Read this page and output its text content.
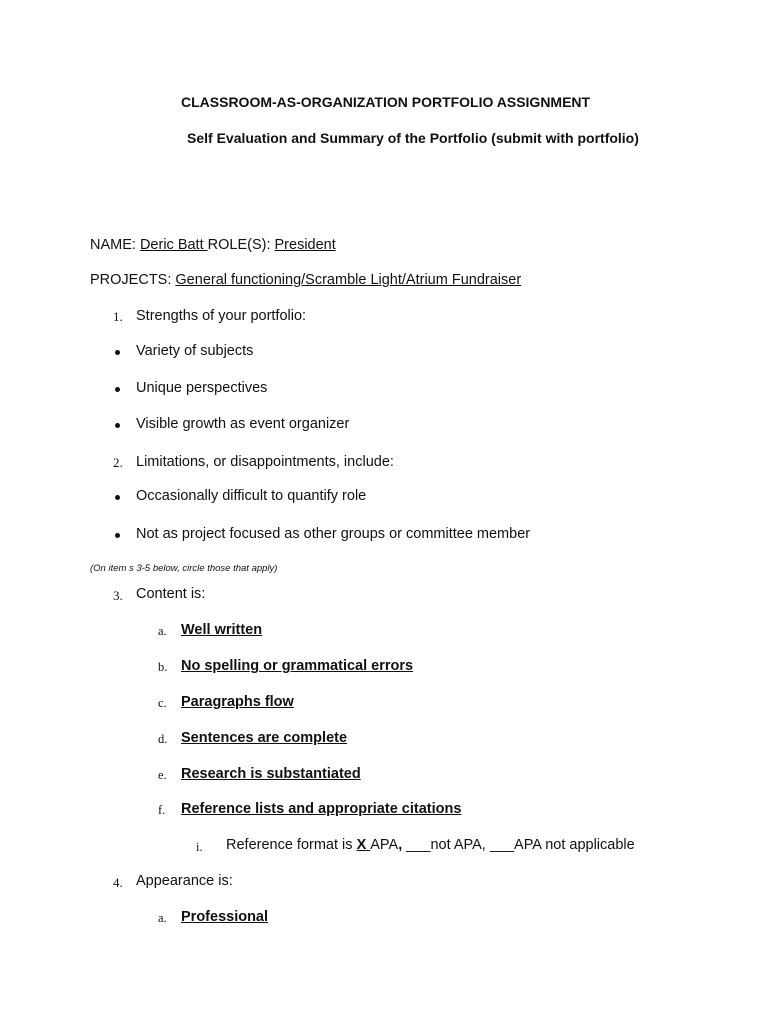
CLASSROOM-AS-ORGANIZATION PORTFOLIO ASSIGNMENT
Self Evaluation and Summary of the Portfolio (submit with portfolio)
NAME: Deric Batt ROLE(S): President
PROJECTS: General functioning/Scramble Light/Atrium Fundraiser
1. Strengths of your portfolio:
Variety of subjects
Unique perspectives
Visible growth as event organizer
2. Limitations, or disappointments, include:
Occasionally difficult to quantify role
Not as project focused as other groups or committee member
(On item s 3-5 below, circle those that apply)
3. Content is:
a. Well written
b. No spelling or grammatical errors
c. Paragraphs flow
d. Sentences are complete
e. Research is substantiated
f. Reference lists and appropriate citations
i. Reference format is X APA, ___not APA, ___APA not applicable
4. Appearance is:
a. Professional
